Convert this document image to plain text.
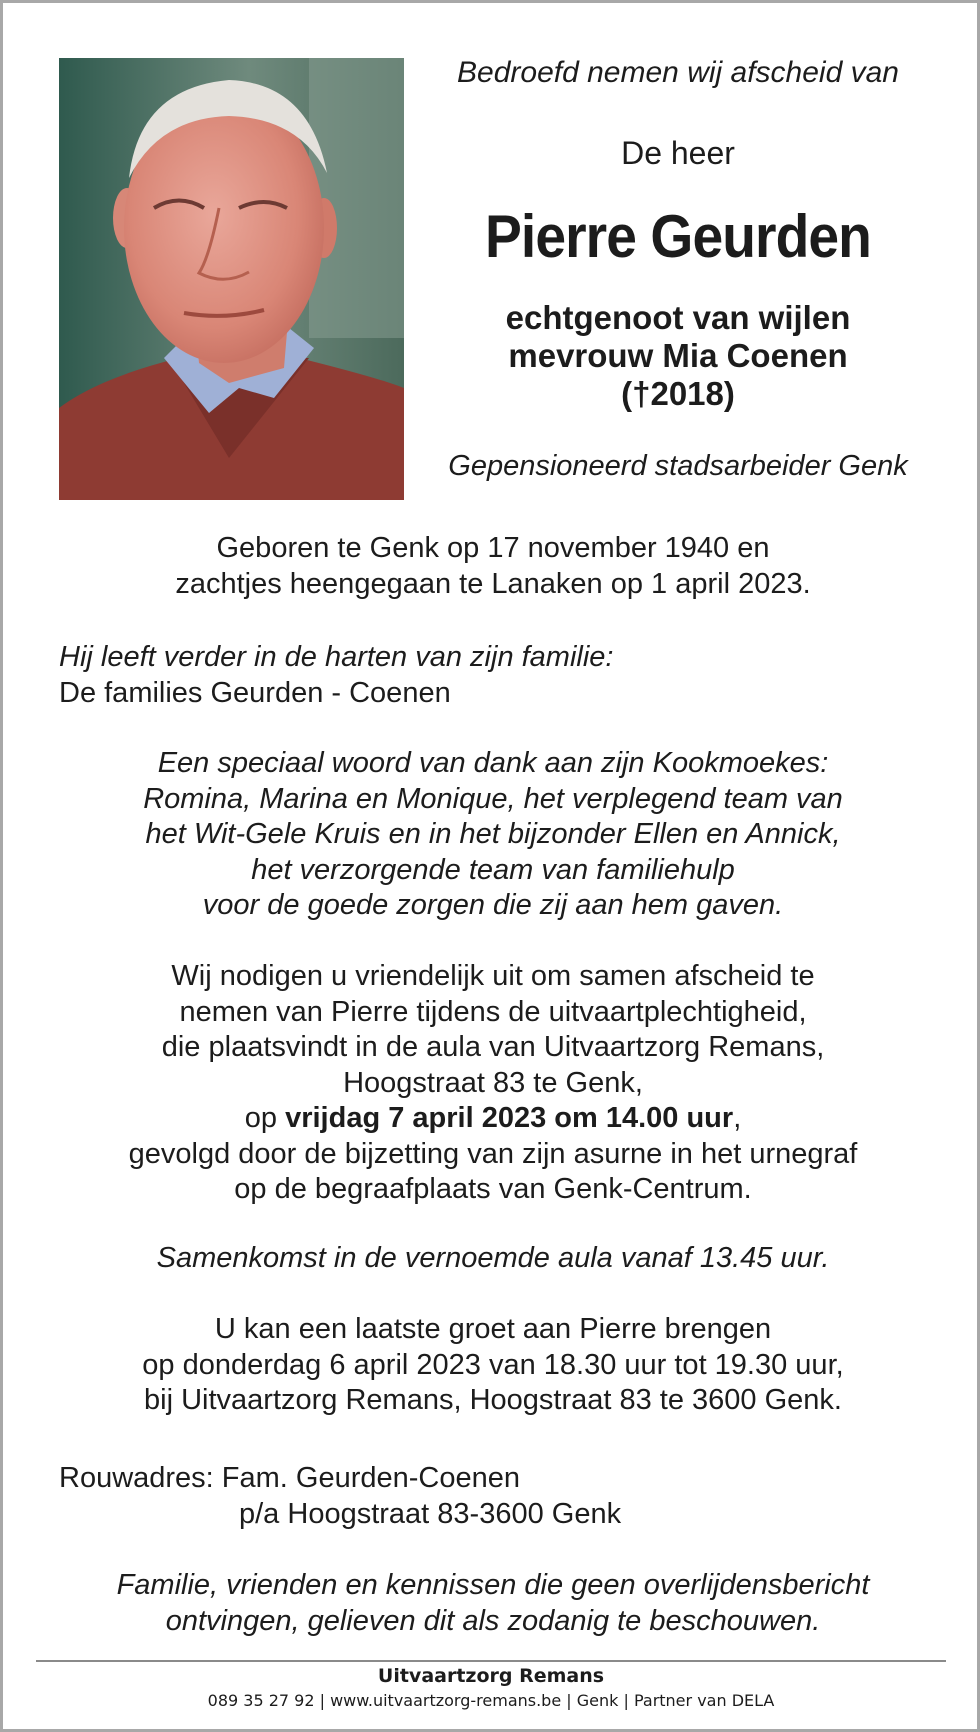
Bedroefd nemen wij afscheid van
De heer
Pierre Geurden
echtgenoot van wijlen
mevrouw Mia Coenen
(†2018)
Gepensioneerd stadsarbeider Genk
Geboren te Genk op 17 november 1940 en
zachtjes heengegaan te Lanaken op 1 april 2023.
Hij leeft verder in de harten van zijn familie:
De families Geurden - Coenen
Een speciaal woord van dank aan zijn Kookmoekes:
Romina, Marina en Monique, het verplegend team van
het Wit-Gele Kruis en in het bijzonder Ellen en Annick,
het verzorgende team van familiehulp
voor de goede zorgen die zij aan hem gaven.
Wij nodigen u vriendelijk uit om samen afscheid te
nemen van Pierre tijdens de uitvaartplechtigheid,
die plaatsvindt in de aula van Uitvaartzorg Remans,
Hoogstraat 83 te Genk,
op vrijdag 7 april 2023 om 14.00 uur,
gevolgd door de bijzetting van zijn asurne in het urnegraf
op de begraafplaats van Genk-Centrum.
Samenkomst in de vernoemde aula vanaf 13.45 uur.
U kan een laatste groet aan Pierre brengen
op donderdag 6 april 2023 van 18.30 uur tot 19.30 uur,
bij Uitvaartzorg Remans, Hoogstraat 83 te 3600 Genk.
Rouwadres: Fam. Geurden-Coenen
p/a Hoogstraat 83-3600 Genk
Familie, vrienden en kennissen die geen overlijdensbericht
ontvingen, gelieven dit als zodanig te beschouwen.
Uitvaartzorg Remans
089 35 27 92 | www.uitvaartzorg-remans.be | Genk | Partner van DELA
